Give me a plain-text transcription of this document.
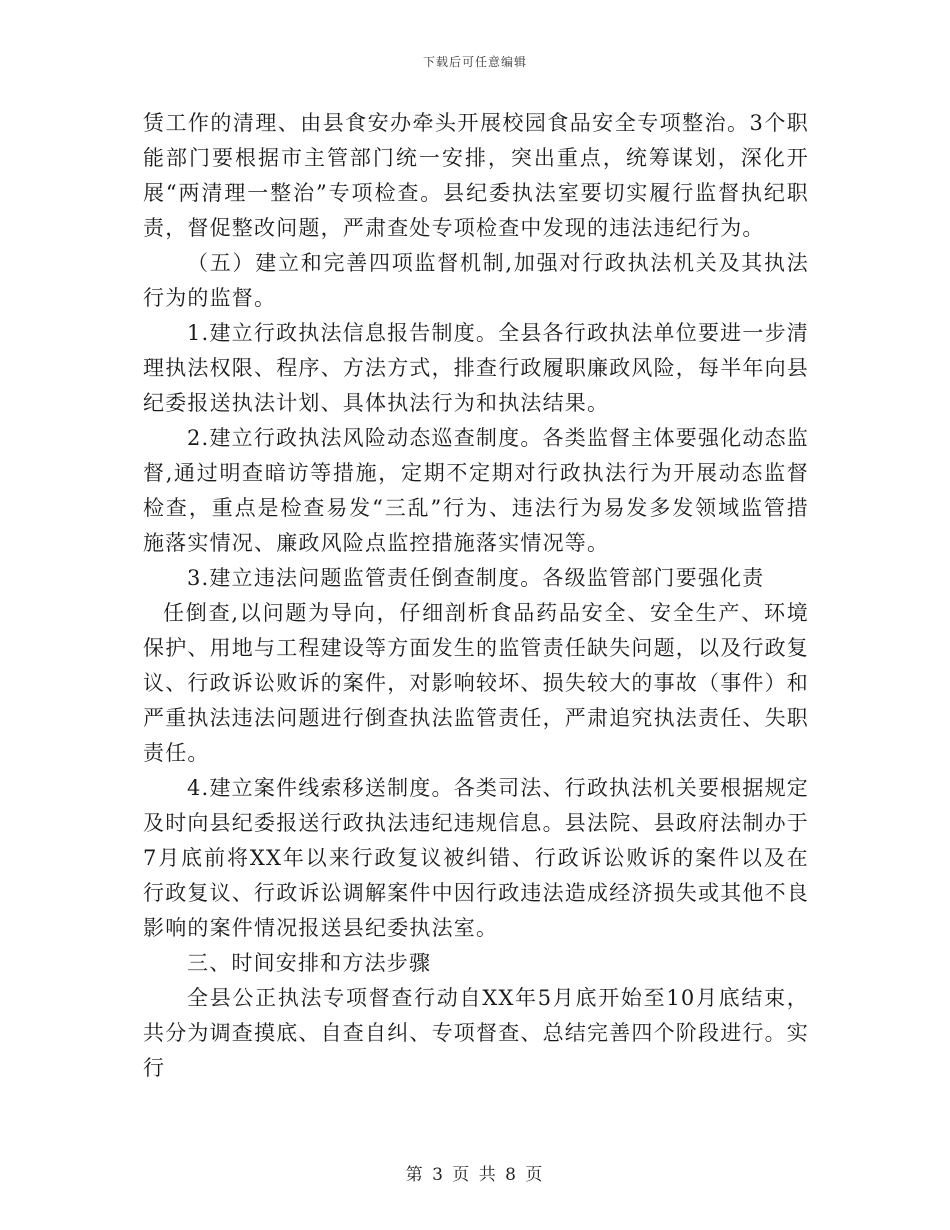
下载后可任意编辑

赁工作的清理、由县食安办牵头开展校园食品安全专项整治。3个职能部门要根据市主管部门统一安排，突出重点，统筹谋划，深化开展“两清理一整治”专项检查。县纪委执法室要切实履行监督执纪职责，督促整改问题，严肃查处专项检查中发现的违法违纪行为。

（五）建立和完善四项监督机制,加强对行政执法机关及其执法行为的监督。

1.建立行政执法信息报告制度。全县各行政执法单位要进一步清理执法权限、程序、方法方式，排查行政履职廉政风险，每半年向县纪委报送执法计划、具体执法行为和执法结果。

2.建立行政执法风险动态巡查制度。各类监督主体要强化动态监督,通过明查暗访等措施，定期不定期对行政执法行为开展动态监督检查，重点是检查易发“三乱”行为、违法行为易发多发领域监管措施落实情况、廉政风险点监控措施落实情况等。

3.建立违法问题监管责任倒查制度。各级监管部门要强化责

任倒查,以问题为导向，仔细剖析食品药品安全、安全生产、环境保护、用地与工程建设等方面发生的监管责任缺失问题，以及行政复议、行政诉讼败诉的案件，对影响较坏、损失较大的事故（事件）和严重执法违法问题进行倒查执法监管责任，严肃追究执法责任、失职责任。

4.建立案件线索移送制度。各类司法、行政执法机关要根据规定及时向县纪委报送行政执法违纪违规信息。县法院、县政府法制办于7月底前将XX年以来行政复议被纠错、行政诉讼败诉的案件以及在行政复议、行政诉讼调解案件中因行政违法造成经济损失或其他不良影响的案件情况报送县纪委执法室。

三、时间安排和方法步骤

全县公正执法专项督查行动自XX年5月底开始至10月底结束，共分为调查摸底、自查自纠、专项督查、总结完善四个阶段进行。实行

第 3 页 共 8 页
